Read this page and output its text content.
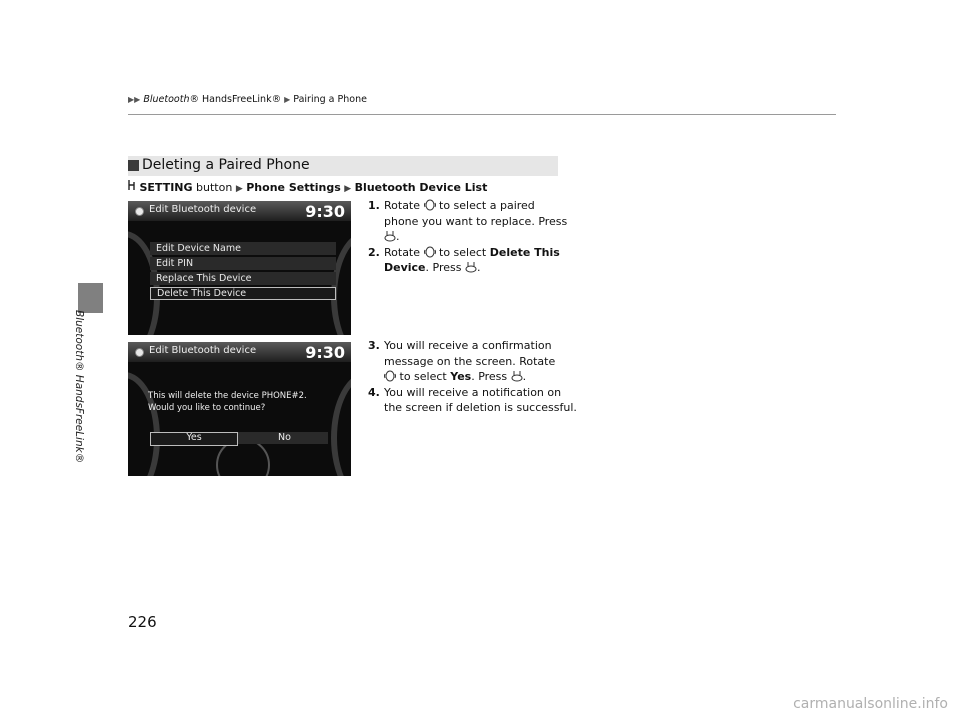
▶▶ Bluetooth® HandsFreeLink® ▶ Pairing a Phone
Bluetooth® HandsFreeLink®
Deleting a Paired Phone
SETTING button ▶ Phone Settings ▶ Bluetooth Device List
Edit Bluetooth device	9:30
Edit Device Name
Edit PIN
Replace This Device
Delete This Device
Edit Bluetooth device	9:30
This will delete the device PHONE#2.
Would you like to continue?
Yes	No
1. Rotate to select a paired
phone you want to replace. Press
.
2. Rotate to select Delete This
Device. Press .
3. You will receive a confirmation
message on the screen. Rotate
to select Yes. Press .
4. You will receive a notification on
the screen if deletion is successful.
226
carmanualsonline.info
